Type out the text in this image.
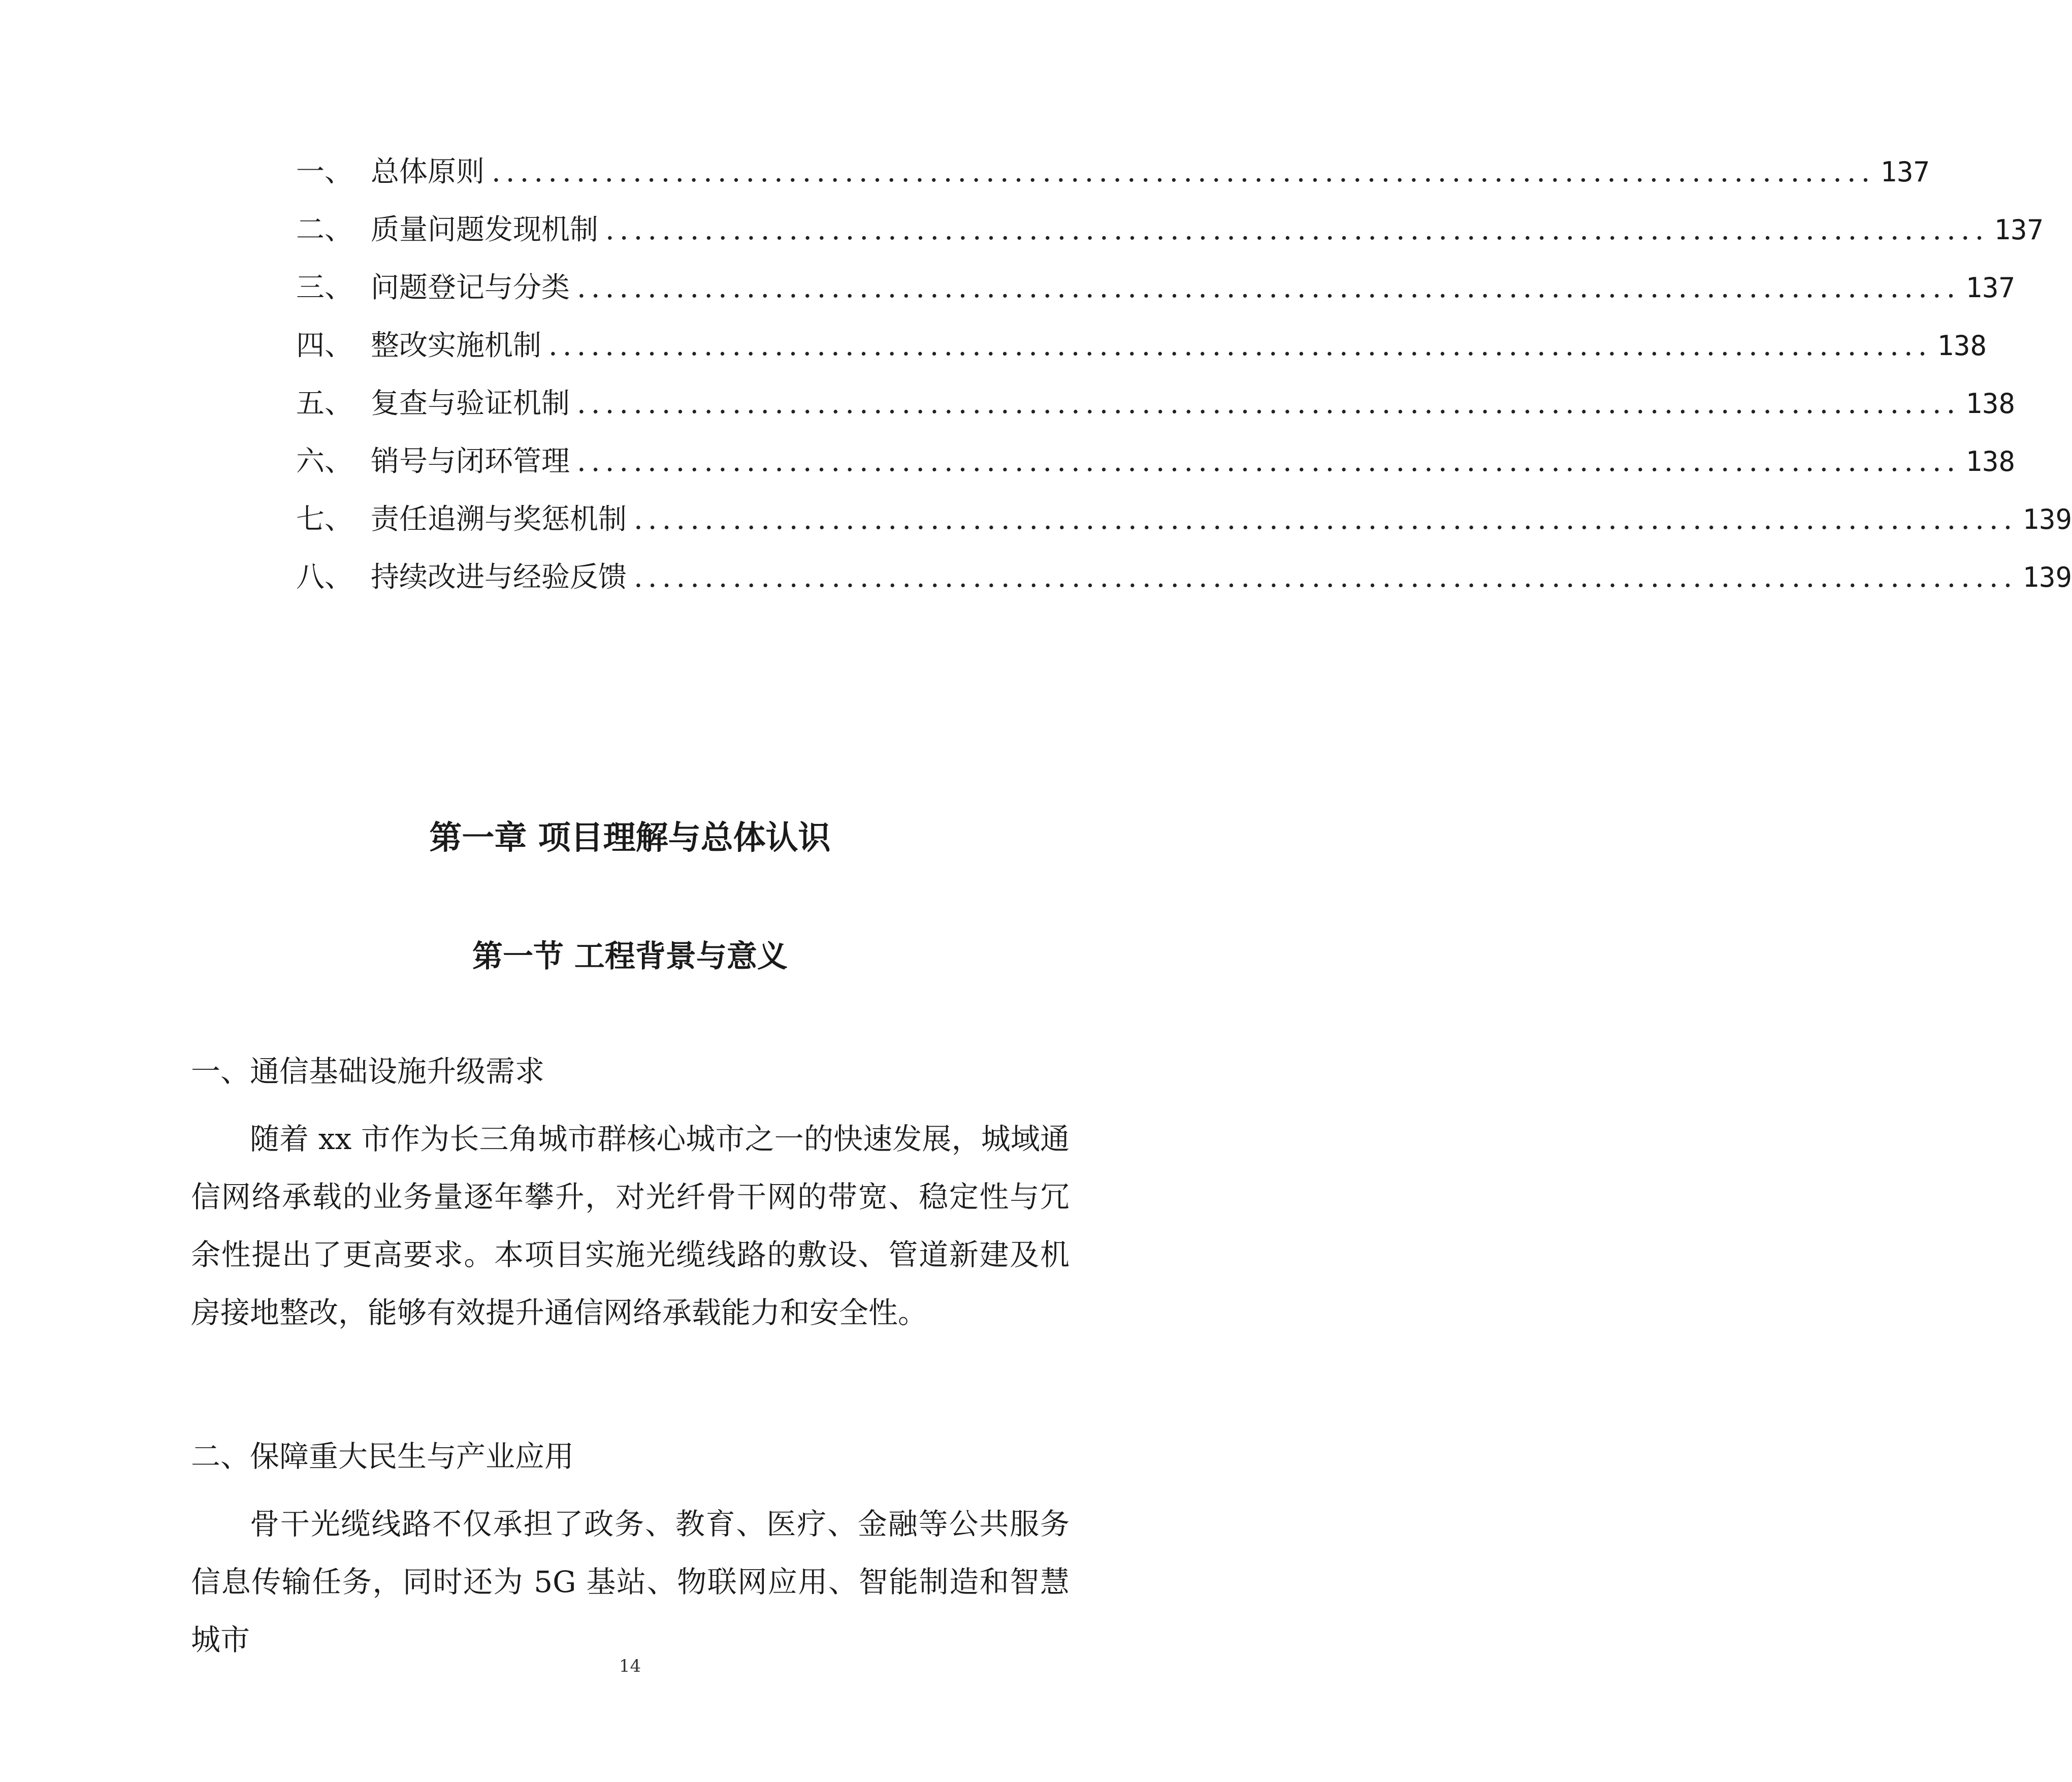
一、 总体原则 .................................................................................................. 137
二、 质量问题发现机制 .................................................................................................. 137
三、 问题登记与分类 .................................................................................................. 137
四、 整改实施机制 .................................................................................................. 138
五、 复查与验证机制 .................................................................................................. 138
六、 销号与闭环管理 .................................................................................................. 138
七、 责任追溯与奖惩机制 .................................................................................................. 139
八、 持续改进与经验反馈 .................................................................................................. 139
第一章 项目理解与总体认识
第一节 工程背景与意义
一、通信基础设施升级需求

随着 xx 市作为长三角城市群核心城市之一的快速发展，城域通信网络承载的业务量逐年攀升，对光纤骨干网的带宽、稳定性与冗余性提出了更高要求。本项目实施光缆线路的敷设、管道新建及机房接地整改，能够有效提升通信网络承载能力和安全性。

二、保障重大民生与产业应用

骨干光缆线路不仅承担了政务、教育、医疗、金融等公共服务信息传输任务，同时还为 5G 基站、物联网应用、智能制造和智慧城市

14
